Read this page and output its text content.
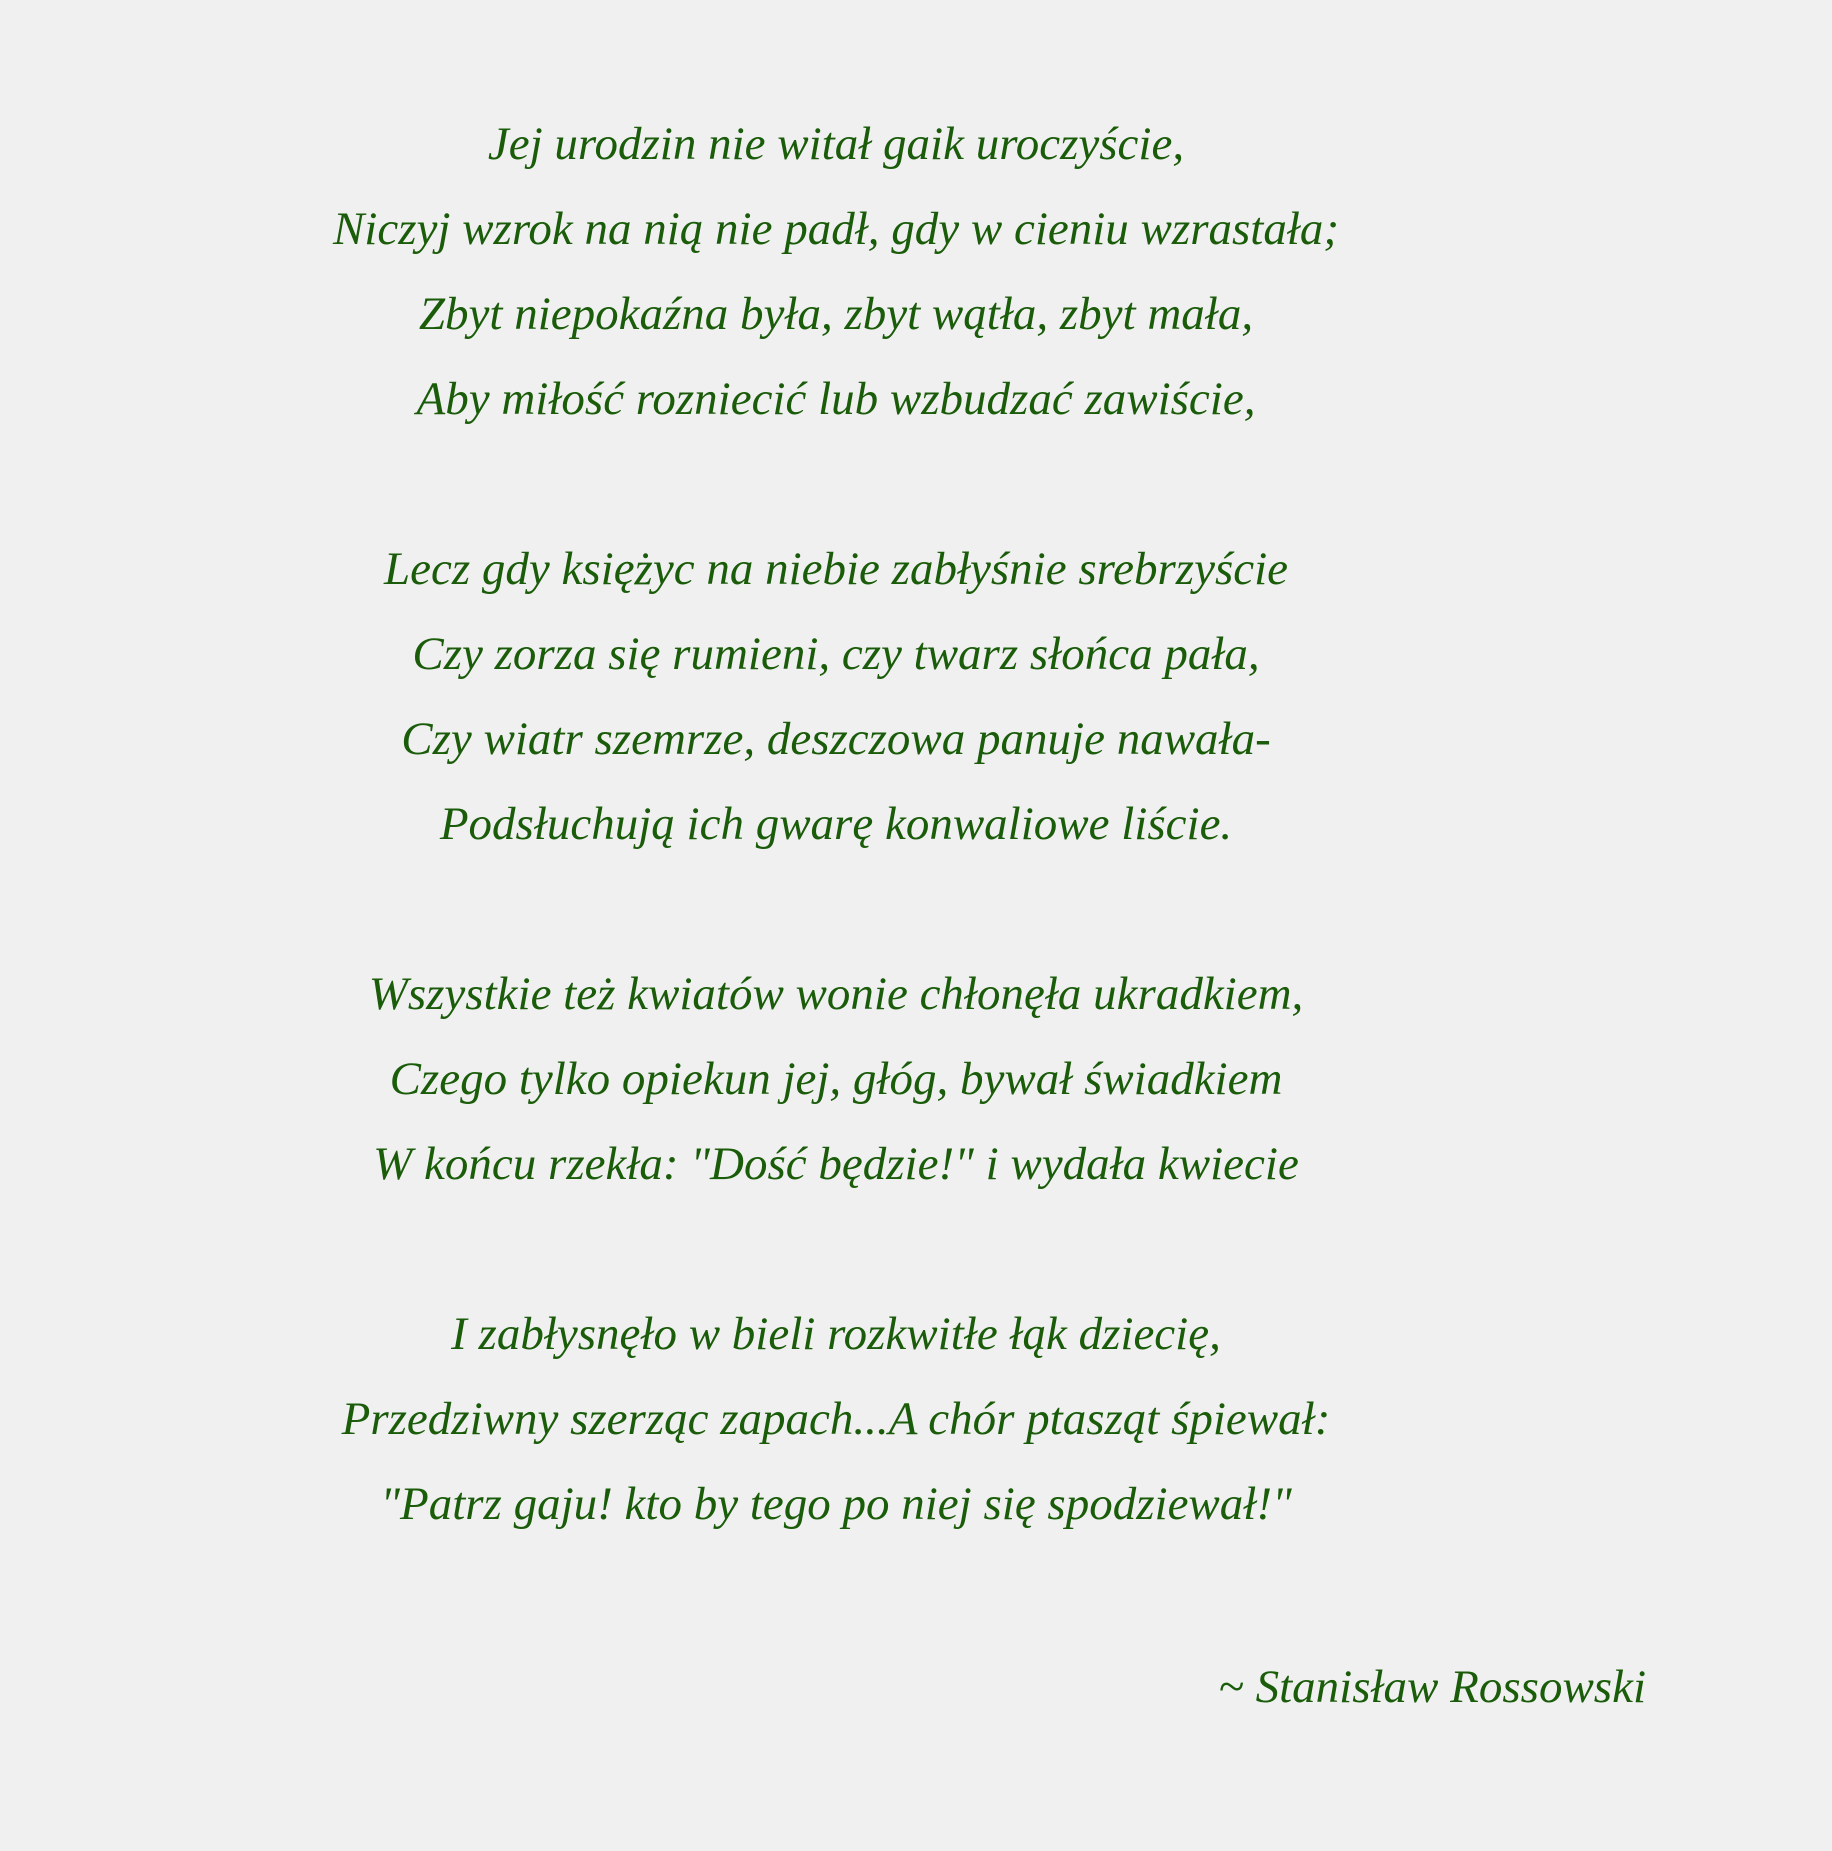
Jej urodzin nie witał gaik uroczyście,
Niczyj wzrok na nią nie padł, gdy w cieniu wzrastała;
Zbyt niepokaźna była, zbyt wątła, zbyt mała,
Aby miłość rozniecić lub wzbudzać zawiście,
Lecz gdy księżyc na niebie zabłyśnie srebrzyście
Czy zorza się rumieni, czy twarz słońca pała,
Czy wiatr szemrze, deszczowa panuje nawała-
Podsłuchują ich gwarę konwaliowe liście.
Wszystkie też kwiatów wonie chłonęła ukradkiem,
Czego tylko opiekun jej, głóg, bywał świadkiem
W końcu rzekła: "Dość będzie!" i wydała kwiecie
I zabłysnęło w bieli rozkwitłe łąk dziecię,
Przedziwny szerząc zapach...A chór ptasząt śpiewał:
"Patrz gaju! kto by tego po niej się spodziewał!"
~ Stanisław Rossowski
